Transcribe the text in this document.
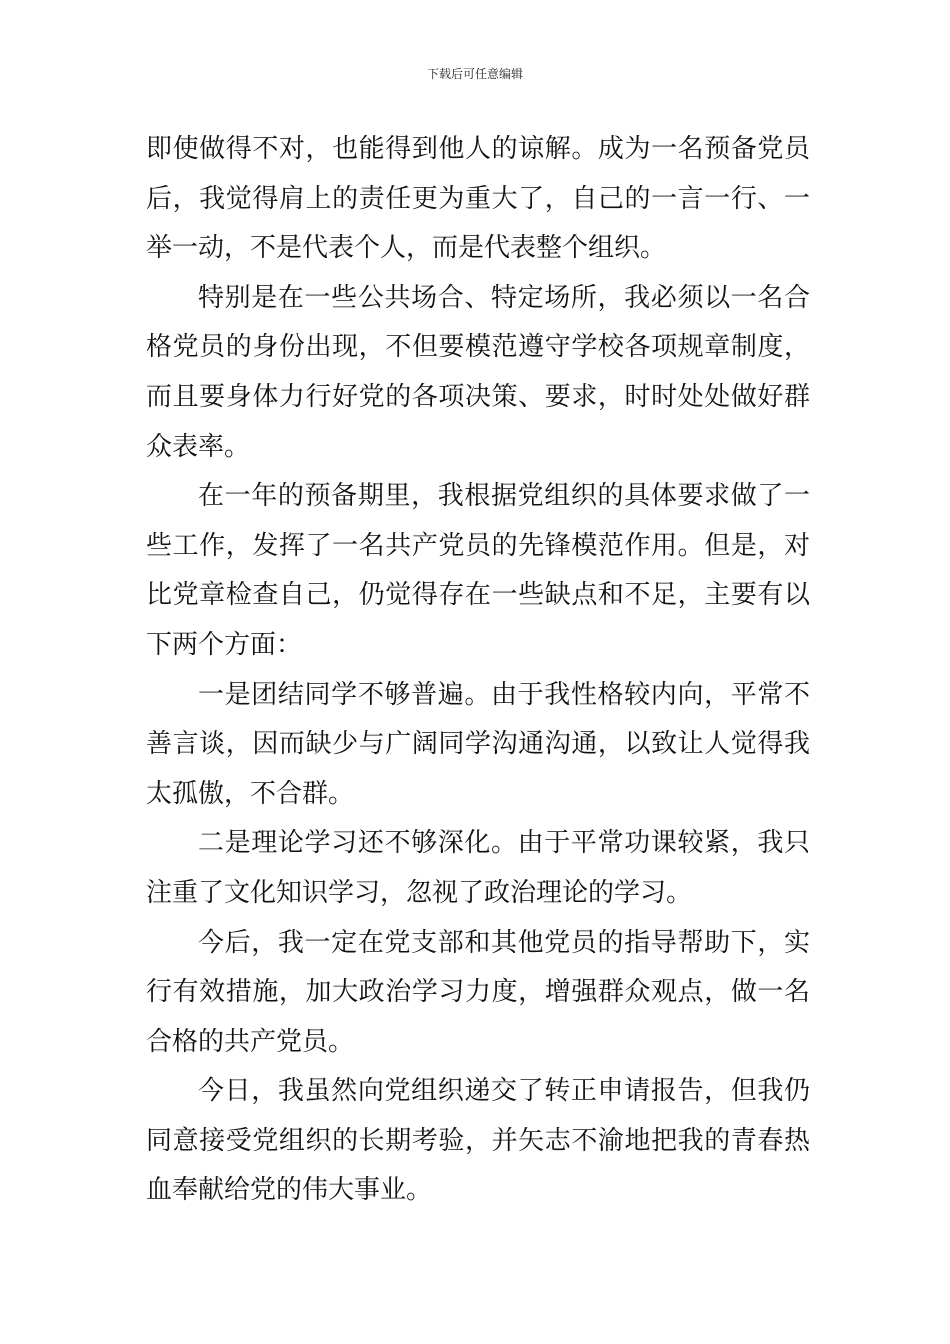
下载后可任意编辑

即使做得不对，也能得到他人的谅解。成为一名预备党员后，我觉得肩上的责任更为重大了，自己的一言一行、一举一动，不是代表个人，而是代表整个组织。

特别是在一些公共场合、特定场所，我必须以一名合格党员的身份出现，不但要模范遵守学校各项规章制度，而且要身体力行好党的各项决策、要求，时时处处做好群众表率。

在一年的预备期里，我根据党组织的具体要求做了一些工作，发挥了一名共产党员的先锋模范作用。但是，对比党章检查自己，仍觉得存在一些缺点和不足，主要有以下两个方面：

一是团结同学不够普遍。由于我性格较内向，平常不善言谈，因而缺少与广阔同学沟通沟通，以致让人觉得我太孤傲，不合群。

二是理论学习还不够深化。由于平常功课较紧，我只注重了文化知识学习，忽视了政治理论的学习。

今后，我一定在党支部和其他党员的指导帮助下，实行有效措施，加大政治学习力度，增强群众观点，做一名合格的共产党员。

今日，我虽然向党组织递交了转正申请报告，但我仍同意接受党组织的长期考验，并矢志不渝地把我的青春热血奉献给党的伟大事业。
